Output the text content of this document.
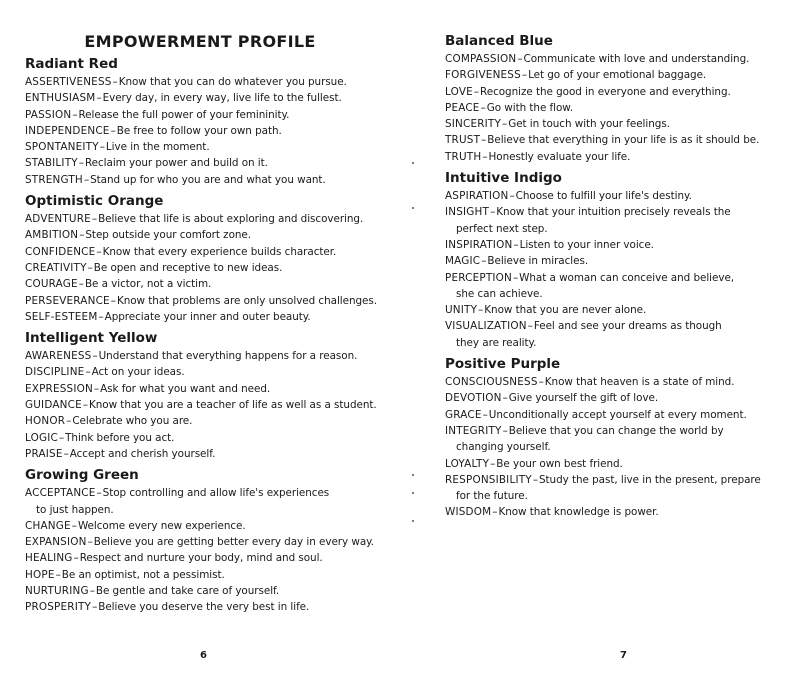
EMPOWERMENT PROFILE
Radiant Red
ASSERTIVENESS–Know that you can do whatever you pursue.
ENTHUSIASM–Every day, in every way, live life to the fullest.
PASSION–Release the full power of your femininity.
INDEPENDENCE–Be free to follow your own path.
SPONTANEITY–Live in the moment.
STABILITY–Reclaim your power and build on it.
STRENGTH–Stand up for who you are and what you want.
Optimistic Orange
ADVENTURE–Believe that life is about exploring and discovering.
AMBITION–Step outside your comfort zone.
CONFIDENCE–Know that every experience builds character.
CREATIVITY–Be open and receptive to new ideas.
COURAGE–Be a victor, not a victim.
PERSEVERANCE–Know that problems are only unsolved challenges.
SELF-ESTEEM–Appreciate your inner and outer beauty.
Intelligent Yellow
AWARENESS–Understand that everything happens for a reason.
DISCIPLINE–Act on your ideas.
EXPRESSION–Ask for what you want and need.
GUIDANCE–Know that you are a teacher of life as well as a student.
HONOR–Celebrate who you are.
LOGIC–Think before you act.
PRAISE–Accept and cherish yourself.
Growing Green
ACCEPTANCE–Stop controlling and allow life's experiences
to just happen.
CHANGE–Welcome every new experience.
EXPANSION–Believe you are getting better every day in every way.
HEALING–Respect and nurture your body, mind and soul.
HOPE–Be an optimist, not a pessimist.
NURTURING–Be gentle and take care of yourself.
PROSPERITY–Believe you deserve the very best in life.
6
Balanced Blue
COMPASSION–Communicate with love and understanding.
FORGIVENESS–Let go of your emotional baggage.
LOVE–Recognize the good in everyone and everything.
PEACE–Go with the flow.
SINCERITY–Get in touch with your feelings.
TRUST–Believe that everything in your life is as it should be.
TRUTH–Honestly evaluate your life.
Intuitive Indigo
ASPIRATION–Choose to fulfill your life's destiny.
INSIGHT–Know that your intuition precisely reveals the
perfect next step.
INSPIRATION–Listen to your inner voice.
MAGIC–Believe in miracles.
PERCEPTION–What a woman can conceive and believe,
she can achieve.
UNITY–Know that you are never alone.
VISUALIZATION–Feel and see your dreams as though
they are reality.
Positive Purple
CONSCIOUSNESS–Know that heaven is a state of mind.
DEVOTION–Give yourself the gift of love.
GRACE–Unconditionally accept yourself at every moment.
INTEGRITY–Believe that you can change the world by
changing yourself.
LOYALTY–Be your own best friend.
RESPONSIBILITY–Study the past, live in the present, prepare
for the future.
WISDOM–Know that knowledge is power.
7
